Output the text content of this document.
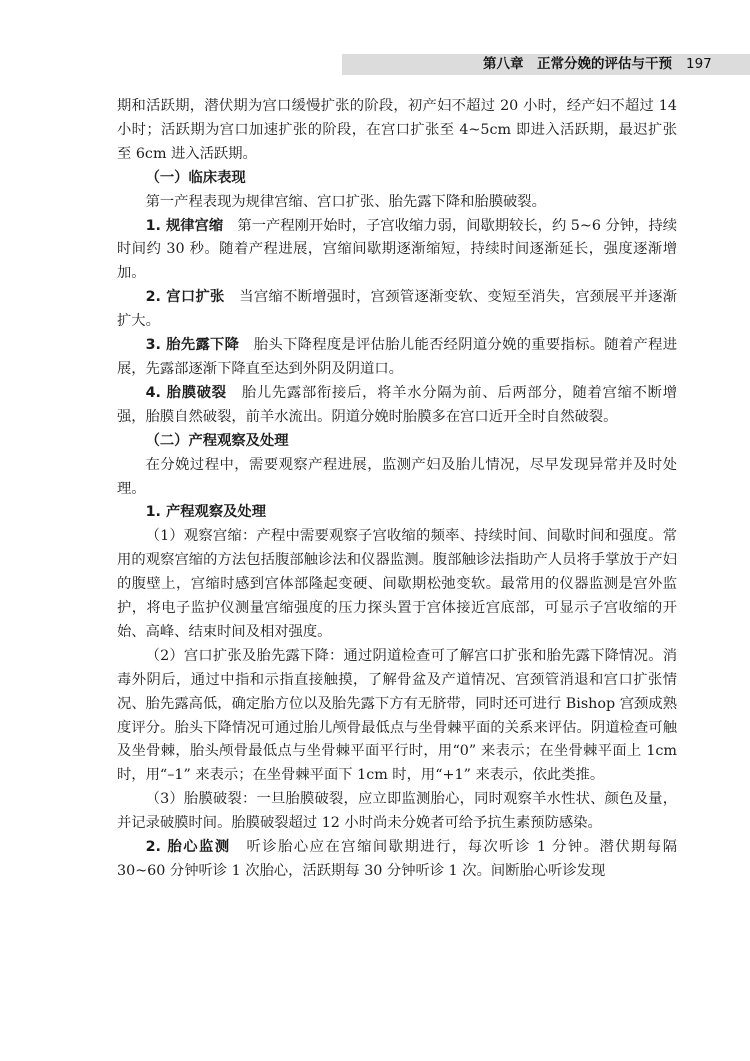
第八章　正常分娩的评估与干预 197

期和活跃期，潜伏期为宫口缓慢扩张的阶段，初产妇不超过 20 小时，经产妇不超过 14 小时；活跃期为宫口加速扩张的阶段，在宫口扩张至 4~5cm 即进入活跃期，最迟扩张至 6cm 进入活跃期。

（一）临床表现

第一产程表现为规律宫缩、宫口扩张、胎先露下降和胎膜破裂。

1. 规律宫缩　第一产程刚开始时，子宫收缩力弱，间歇期较长，约 5~6 分钟，持续时间约 30 秒。随着产程进展，宫缩间歇期逐渐缩短，持续时间逐渐延长，强度逐渐增加。

2. 宫口扩张　当宫缩不断增强时，宫颈管逐渐变软、变短至消失，宫颈展平并逐渐扩大。

3. 胎先露下降　胎头下降程度是评估胎儿能否经阴道分娩的重要指标。随着产程进展，先露部逐渐下降直至达到外阴及阴道口。

4. 胎膜破裂　胎儿先露部衔接后，将羊水分隔为前、后两部分，随着宫缩不断增强，胎膜自然破裂，前羊水流出。阴道分娩时胎膜多在宫口近开全时自然破裂。

（二）产程观察及处理

在分娩过程中，需要观察产程进展，监测产妇及胎儿情况，尽早发现异常并及时处理。

1. 产程观察及处理

（1）观察宫缩：产程中需要观察子宫收缩的频率、持续时间、间歇时间和强度。常用的观察宫缩的方法包括腹部触诊法和仪器监测。腹部触诊法指助产人员将手掌放于产妇的腹壁上，宫缩时感到宫体部隆起变硬、间歇期松弛变软。最常用的仪器监测是宫外监护，将电子监护仪测量宫缩强度的压力探头置于宫体接近宫底部，可显示子宫收缩的开始、高峰、结束时间及相对强度。

（2）宫口扩张及胎先露下降：通过阴道检查可了解宫口扩张和胎先露下降情况。消毒外阴后，通过中指和示指直接触摸，了解骨盆及产道情况、宫颈管消退和宫口扩张情况、胎先露高低，确定胎方位以及胎先露下方有无脐带，同时还可进行 Bishop 宫颈成熟度评分。胎头下降情况可通过胎儿颅骨最低点与坐骨棘平面的关系来评估。阴道检查可触及坐骨棘，胎头颅骨最低点与坐骨棘平面平行时，用“0” 来表示；在坐骨棘平面上 1cm 时，用“–1” 来表示；在坐骨棘平面下 1cm 时，用“+1” 来表示，依此类推。

（3）胎膜破裂：一旦胎膜破裂，应立即监测胎心，同时观察羊水性状、颜色及量，并记录破膜时间。胎膜破裂超过 12 小时尚未分娩者可给予抗生素预防感染。

2. 胎心监测　听诊胎心应在宫缩间歇期进行，每次听诊 1 分钟。潜伏期每隔 30~60 分钟听诊 1 次胎心，活跃期每 30 分钟听诊 1 次。间断胎心听诊发现
